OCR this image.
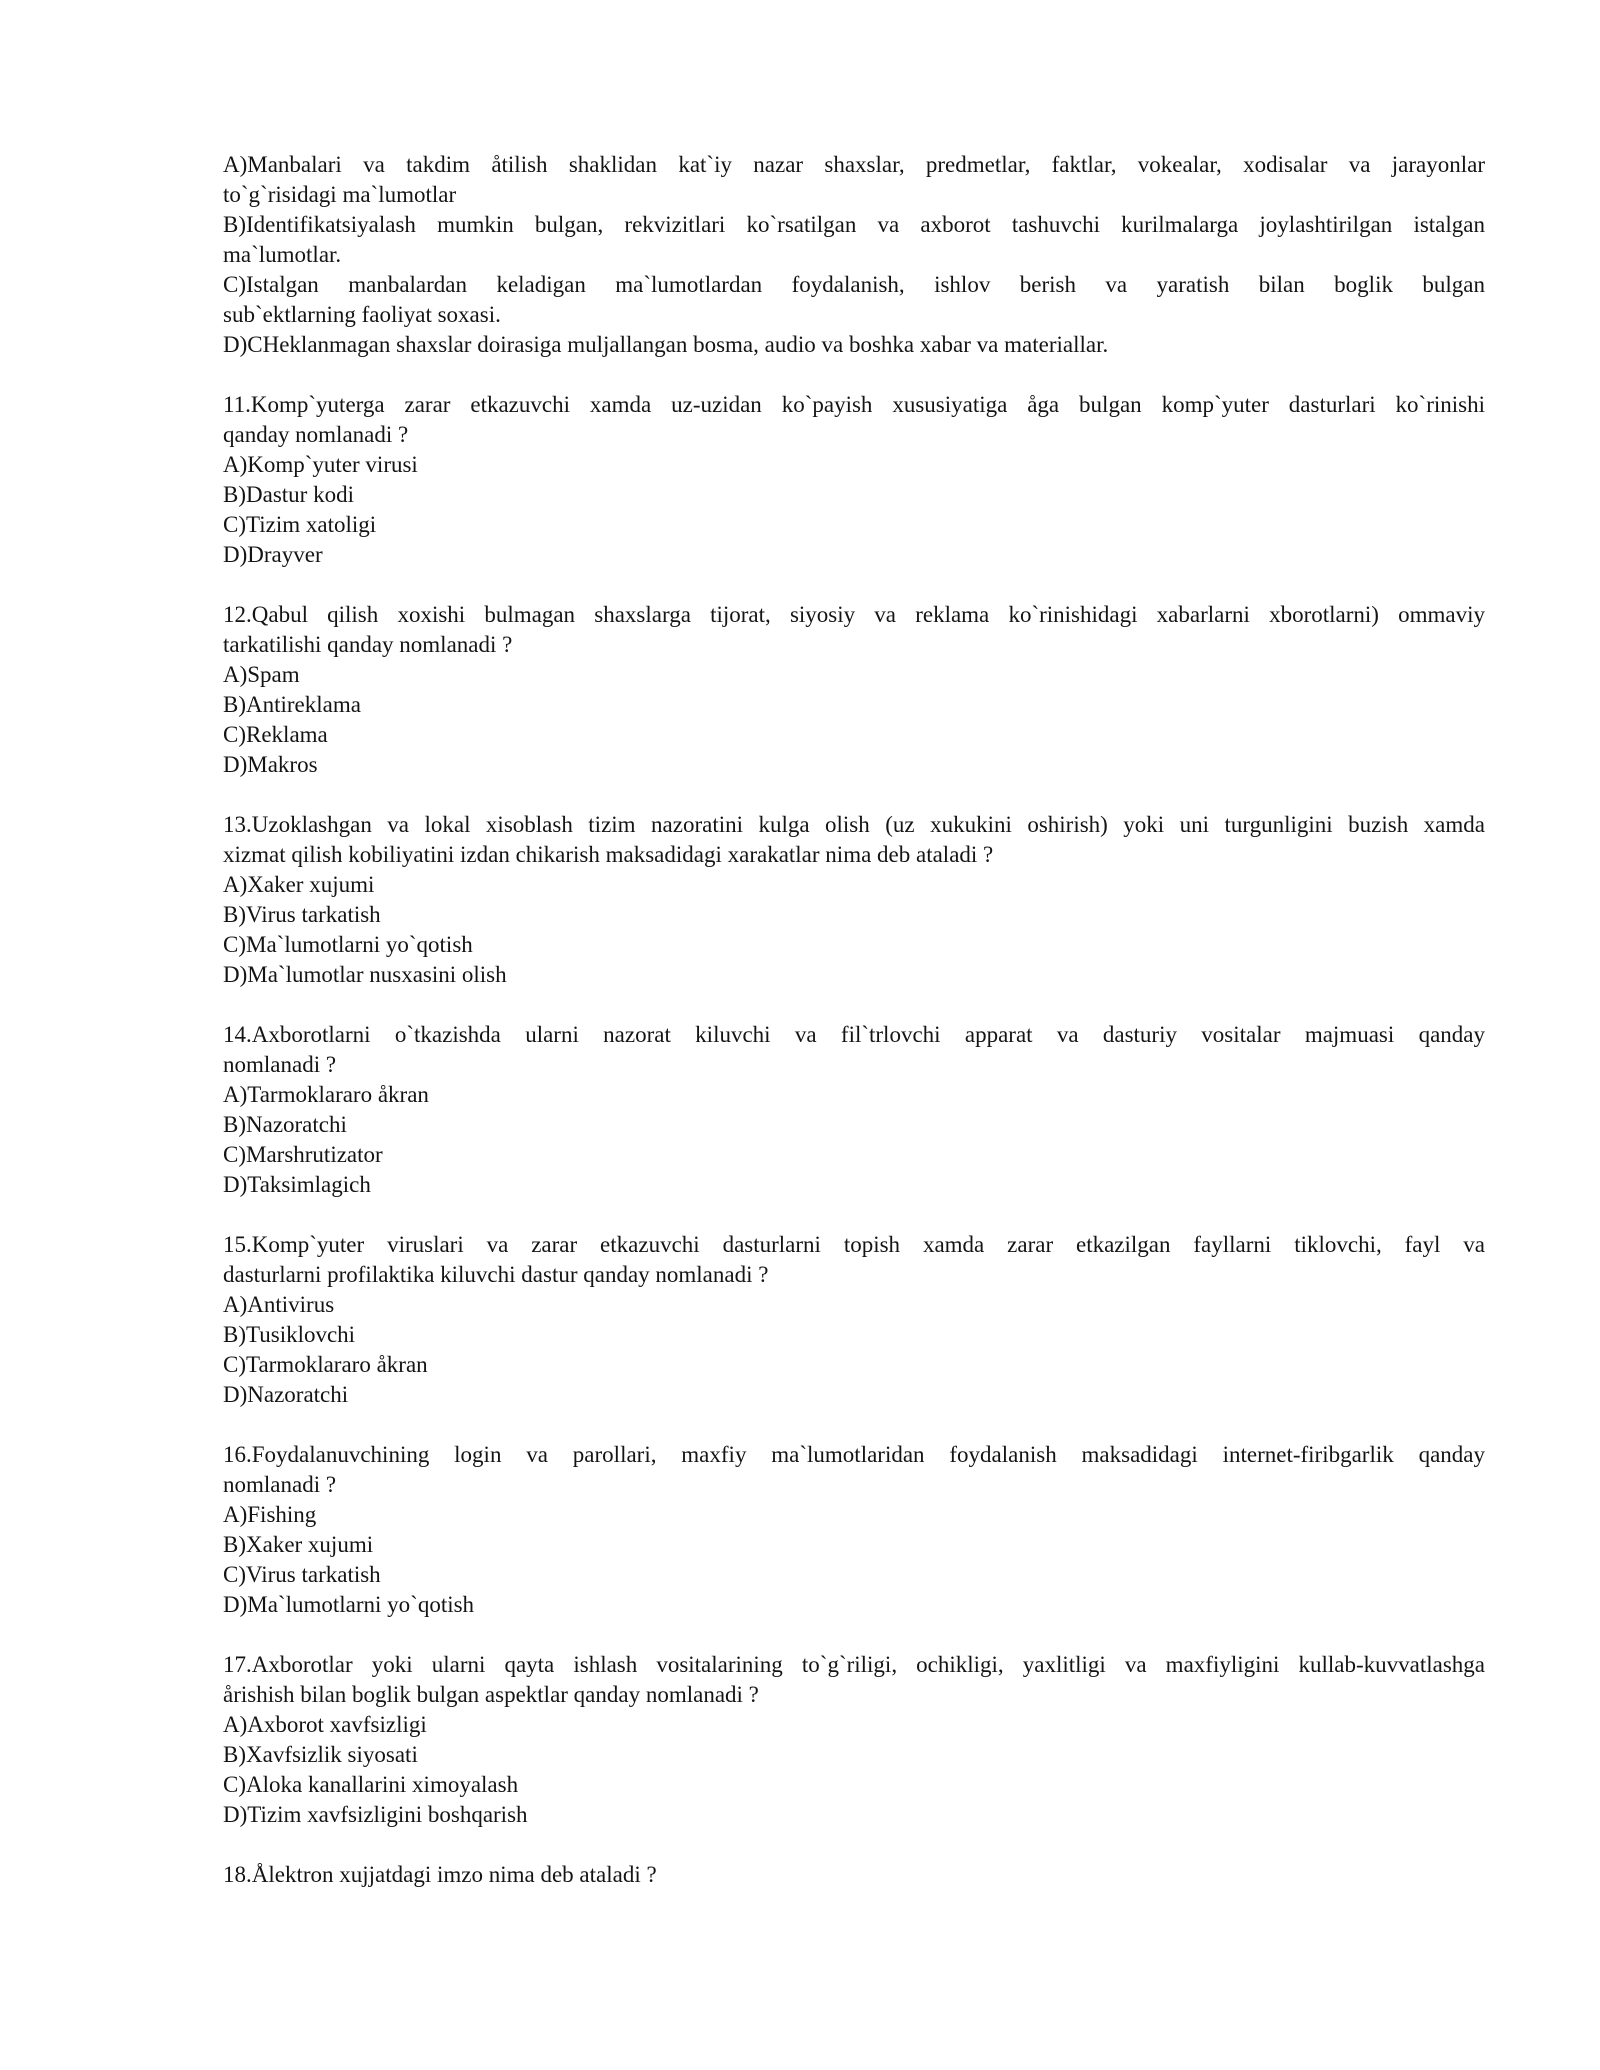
A)Manbalari va takdim åtilish shaklidan kat`iy nazar shaxslar, predmetlar, faktlar, vokealar, xodisalar va jarayonlar

to`g`risidagi ma`lumotlar

B)Identifikatsiyalash mumkin bulgan, rekvizitlari ko`rsatilgan va axborot tashuvchi kurilmalarga joylashtirilgan istalgan

ma`lumotlar.

C)Istalgan manbalardan keladigan ma`lumotlardan foydalanish, ishlov berish va yaratish bilan boglik bulgan

sub`ektlarning faoliyat soxasi.

D)CHeklanmagan shaxslar doirasiga muljallangan bosma, audio va boshka xabar va materiallar.

11.Komp`yuterga zarar etkazuvchi xamda uz-uzidan ko`payish xususiyatiga åga bulgan komp`yuter dasturlari ko`rinishi

qanday nomlanadi ?

A)Komp`yuter virusi

B)Dastur kodi

C)Tizim xatoligi

D)Drayver

12.Qabul qilish xoxishi bulmagan shaxslarga tijorat, siyosiy va reklama ko`rinishidagi xabarlarni xborotlarni) ommaviy

tarkatilishi qanday nomlanadi ?

A)Spam

B)Antireklama

C)Reklama

D)Makros

13.Uzoklashgan va lokal xisoblash tizim nazoratini kulga olish (uz xukukini oshirish) yoki uni turgunligini buzish xamda

xizmat qilish kobiliyatini izdan chikarish maksadidagi xarakatlar nima deb ataladi ?

A)Xaker xujumi

B)Virus tarkatish

C)Ma`lumotlarni yo`qotish

D)Ma`lumotlar nusxasini olish

14.Axborotlarni o`tkazishda ularni nazorat kiluvchi va fil`trlovchi apparat va dasturiy vositalar majmuasi qanday

nomlanadi ?

A)Tarmoklararo åkran

B)Nazoratchi

C)Marshrutizator

D)Taksimlagich

15.Komp`yuter viruslari va zarar etkazuvchi dasturlarni topish xamda zarar etkazilgan fayllarni tiklovchi, fayl va

dasturlarni profilaktika kiluvchi dastur qanday nomlanadi ?

A)Antivirus

B)Tusiklovchi

C)Tarmoklararo åkran

D)Nazoratchi

16.Foydalanuvchining login va parollari, maxfiy ma`lumotlaridan foydalanish maksadidagi internet-firibgarlik qanday

nomlanadi ?

A)Fishing

B)Xaker xujumi

C)Virus tarkatish

D)Ma`lumotlarni yo`qotish

17.Axborotlar yoki ularni qayta ishlash vositalarining to`g`riligi, ochikligi, yaxlitligi va maxfiyligini kullab-kuvvatlashga

årishish bilan boglik bulgan aspektlar qanday nomlanadi ?

A)Axborot xavfsizligi

B)Xavfsizlik siyosati

C)Aloka kanallarini ximoyalash

D)Tizim xavfsizligini boshqarish

18.Ålektron xujjatdagi imzo nima deb ataladi ?
